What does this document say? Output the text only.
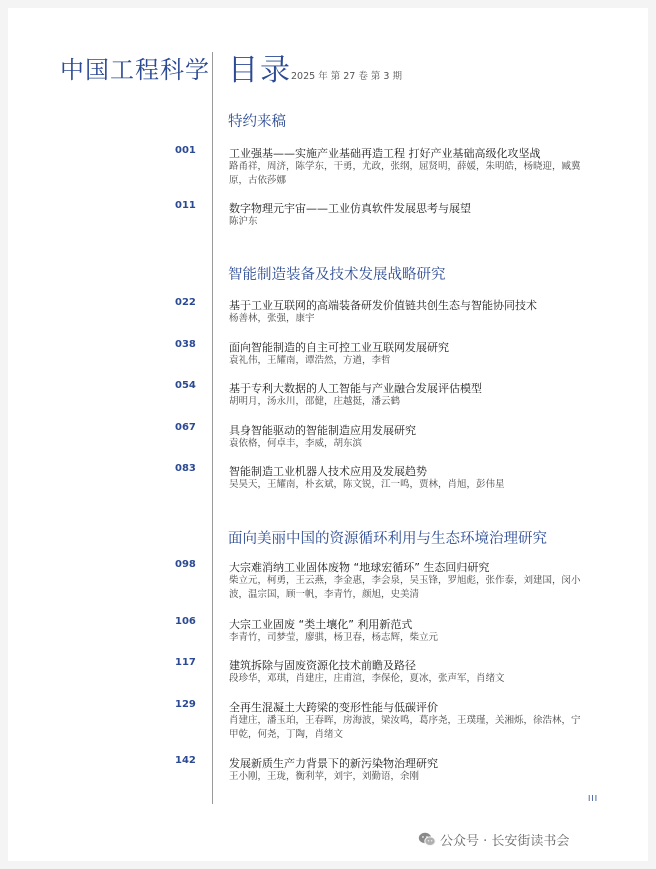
中国工程科学 目录 2025 年 第 27 卷 第 3 期
特约来稿
001	工业强基——实施产业基础再造工程 打好产业基础高级化攻坚战
路甬祥，周济，陈学东，干勇，尤政，张纲，屈贤明，薛媛，朱明皓，杨晓迎，臧冀原，古依莎娜
011	数字物理元宇宙——工业仿真软件发展思考与展望
陈沪东
智能制造装备及技术发展战略研究
022	基于工业互联网的高端装备研发价值链共创生态与智能协同技术
杨善林，张强，康宇
038	面向智能制造的自主可控工业互联网发展研究
袁礼伟，王耀南，谭浩然，方遒，李哲
054	基于专利大数据的人工智能与产业融合发展评估模型
胡明月，汤永川，邵健，庄越挺，潘云鹤
067	具身智能驱动的智能制造应用发展研究
袁依格，何卓丰，李威，胡东滨
083	智能制造工业机器人技术应用及发展趋势
吴昊天，王耀南，朴玄斌，陈文锐，江一鸣，贾林，肖旭，彭伟星
面向美丽中国的资源循环利用与生态环境治理研究
098	大宗难消纳工业固体废物 “地球宏循环” 生态回归研究
柴立元，柯勇，王云燕，李金惠，李会泉，吴玉锋，罗旭彪，张作泰，刘建国，闵小波，温宗国，顾一帆，李青竹，颜旭，史美清
106	大宗工业固废 “类土壤化” 利用新范式
李青竹，司梦莹，廖骐，杨卫春，杨志辉，柴立元
117	建筑拆除与固废资源化技术前瞻及路径
段珍华，邓琪，肖建庄，庄甫渲，李保伦，夏冰，张声军，肖绪文
129	全再生混凝土大跨梁的变形性能与低碳评价
肖建庄，潘玉珀，王春晖，房海波，梁汝鸣，葛序尧，王璞瑾，关湘烁，徐浩林，宁甲乾，何尧，丁陶，肖绪文
142	发展新质生产力背景下的新污染物治理研究
王小刚，王珑，衡利苹，刘宇，刘勤语，余刚
III
公众号 · 长安街读书会
